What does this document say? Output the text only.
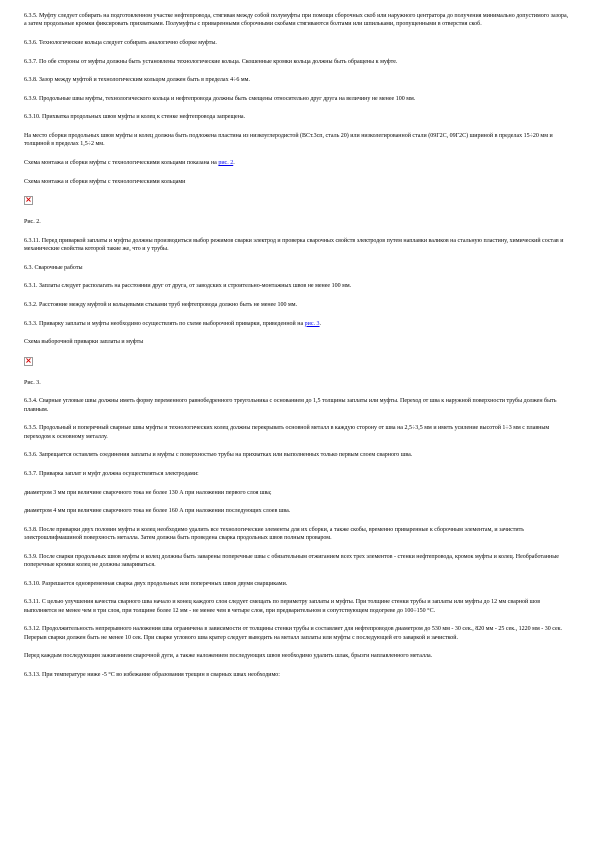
6.3.5. Муфту следует собирать на подготовленном участке нефтепровода, стягивая между собой полумуфты при помощи сборочных скоб или наружного центратора до получения минимально допустимого зазора, а затем продольные кромки фиксировать прихватками. Полумуфты с приваренными сборочными скобами стягиваются болтами или шпильками, пропущенными в отверстия скоб.

6.3.6. Технологические кольца следует собирать аналогично сборке муфты.

6.3.7. По обе стороны от муфты должны быть установлены технологические кольца. Скошенные кромки кольца должны быть обращены к муфте.

6.3.8. Зазор между муфтой и технологическим кольцом должен быть в пределах 4÷6 мм.

6.3.9. Продольные швы муфты, технологического кольца и нефтепровода должны быть смещены относительно друг друга на величину не менее 100 мм.

6.3.10. Прихватка продольных швов муфты и колец к стенке нефтепровода запрещена.

На место сборки продольных швов муфты и колец должна быть подложена пластина из низкоуглеродистой (ВСт.3сп, сталь 20) или низколегированной стали (09Г2С, 09Г2С) шириной в пределах 15÷20 мм и толщиной в пределах 1,5÷2 мм.

Схема монтажа и сборки муфты с технологическими кольцами показана на рис. 2.

Схема монтажа и сборки муфты с технологическими кольцами

×

Рис. 2.

6.3.11. Перед приваркой заплаты и муфты должны производиться выбор режимов сварки электрод и проверка сварочных свойств электродов путем наплавки валиков на стальную пластину, химический состав и механические свойства которой такие же, что и у трубы.

6.3. Сварочные работы

6.3.1. Заплаты следует располагать на расстоянии друг от друга, от заводских и строительно-монтажных швов не менее 100 мм.

6.3.2. Расстояние между муфтой и кольцевыми стыками труб нефтепровода должно быть не менее 100 мм.

6.3.3. Приварку заплаты и муфты необходимо осуществлять по схеме выборочной приварки, приведенной на рис. 3.

Схема выборочной приварки заплаты и муфты

×

Рис. 3.

6.3.4. Сварные угловые швы должны иметь форму переменного равнобедренного треугольника с основанием до 1,5 толщины заплаты или муфты. Переход от шва к наружной поверхности трубы должен быть плавным.

6.3.5. Продольный и поперечный сварные швы муфты и технологических колец должны перекрывать основной металл в каждую сторону от шва на 2,5÷3,5 мм и иметь усиление высотой 1÷3 мм с плавным переходом к основному металлу.

6.3.6. Запрещается оставлять соединения заплаты и муфты с поверхностью трубы на прихватках или выполненных только первым слоем сварного шва.

6.3.7. Приварка заплат и муфт должна осуществляться электродами:

диаметром 3 мм при величине сварочного тока не более 130 А при наложении первого слоя шва;

диаметром 4 мм при величине сварочного тока не более 160 А при наложении последующих слоев шва.

6.3.8. После приварки двух половин муфты и колец необходимо удалить все технологические элементы для их сборки, а также скобы, временно приваренные к сборочным элементам, и зачистить электрошлифмашиной поверхность металла. Затем должна быть проведена сварка продольных швов полным проваром.

6.3.9. После сварки продольных швов муфты и колец должны быть заварены поперечные швы с обязательным отжиганием всех трех элементов - стенки нефтепровода, кромок муфты и колец. Необработанные поперечные кромки колец не должны завариваться.

6.3.10. Разрешается одновременная сварка двух продольных или поперечных швов двумя сварщиками.

6.3.11. С целью улучшения качества сварного шва начало и конец каждого слоя следует смещать по периметру заплаты и муфты. При толщине стенки трубы и заплаты или муфты до 12 мм сварной шов выполняется не менее чем в три слоя, при толщине более 12 мм - не менее чем в четыре слоя, при предварительном и сопутствующем подогреве до 100÷150 °С.

6.3.12. Продолжительность непрерывного наложения шва ограничена в зависимости от толщины стенки трубы и составляет для нефтепроводов диаметром до 530 мм - 30 сек., 820 мм - 25 сек., 1220 мм - 30 сек. Перерыв сварки должен быть не менее 10 сек. При сварке углового шва кратер следует выводить на металл заплаты или муфты с последующей его заваркой и зачисткой.

Перед каждым последующим зажиганием сварочной дуги, а также наложением последующих швов необходимо удалить шлак, брызги наплавленного металла.

6.3.13. При температуре ниже -5 °С во избежание образования трещин в сварных швах необходимо:
